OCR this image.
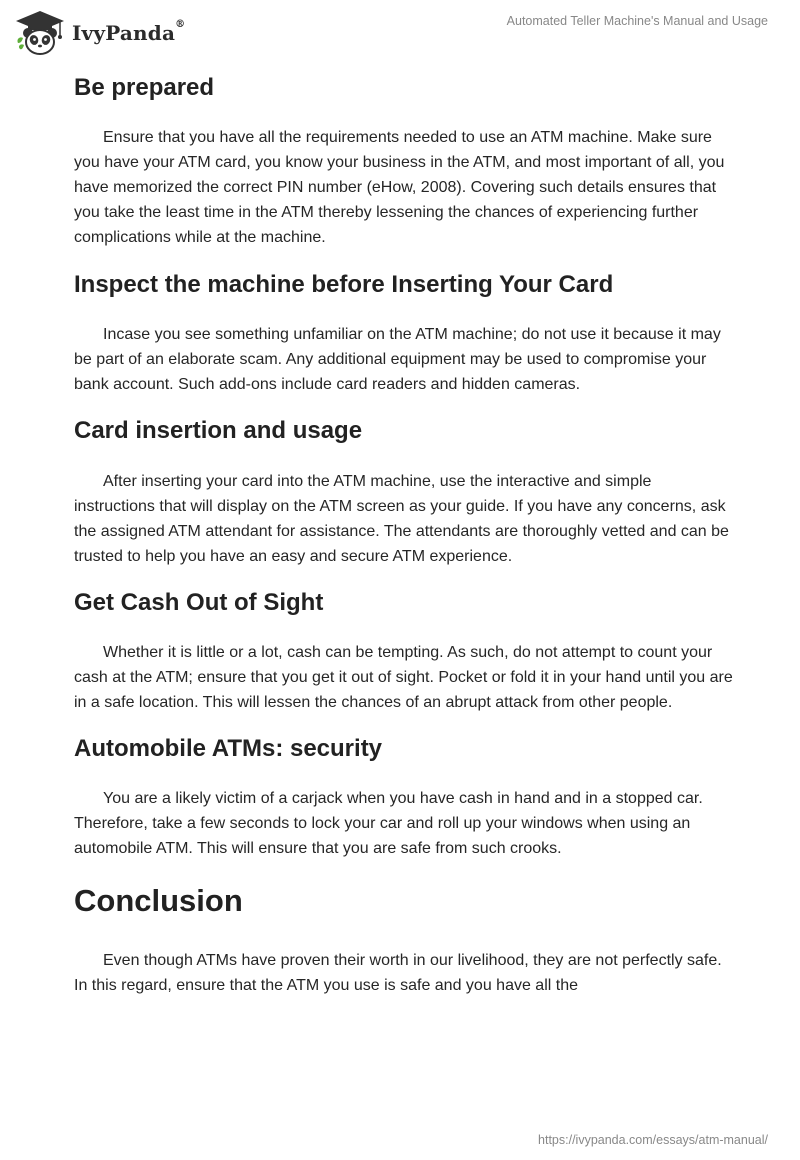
IvyPanda®	Automated Teller Machine's Manual and Usage
Be prepared

Ensure that you have all the requirements needed to use an ATM machine. Make sure you have your ATM card, you know your business in the ATM, and most important of all, you have memorized the correct PIN number (eHow, 2008). Covering such details ensures that you take the least time in the ATM thereby lessening the chances of experiencing further complications while at the machine.

Inspect the machine before Inserting Your Card

Incase you see something unfamiliar on the ATM machine; do not use it because it may be part of an elaborate scam. Any additional equipment may be used to compromise your bank account. Such add-ons include card readers and hidden cameras.

Card insertion and usage

After inserting your card into the ATM machine, use the interactive and simple instructions that will display on the ATM screen as your guide. If you have any concerns, ask the assigned ATM attendant for assistance. The attendants are thoroughly vetted and can be trusted to help you have an easy and secure ATM experience.

Get Cash Out of Sight

Whether it is little or a lot, cash can be tempting. As such, do not attempt to count your cash at the ATM; ensure that you get it out of sight. Pocket or fold it in your hand until you are in a safe location. This will lessen the chances of an abrupt attack from other people.

Automobile ATMs: security

You are a likely victim of a carjack when you have cash in hand and in a stopped car. Therefore, take a few seconds to lock your car and roll up your windows when using an automobile ATM. This will ensure that you are safe from such crooks.

Conclusion

Even though ATMs have proven their worth in our livelihood, they are not perfectly safe. In this regard, ensure that the ATM you use is safe and you have all the

https://ivypanda.com/essays/atm-manual/
